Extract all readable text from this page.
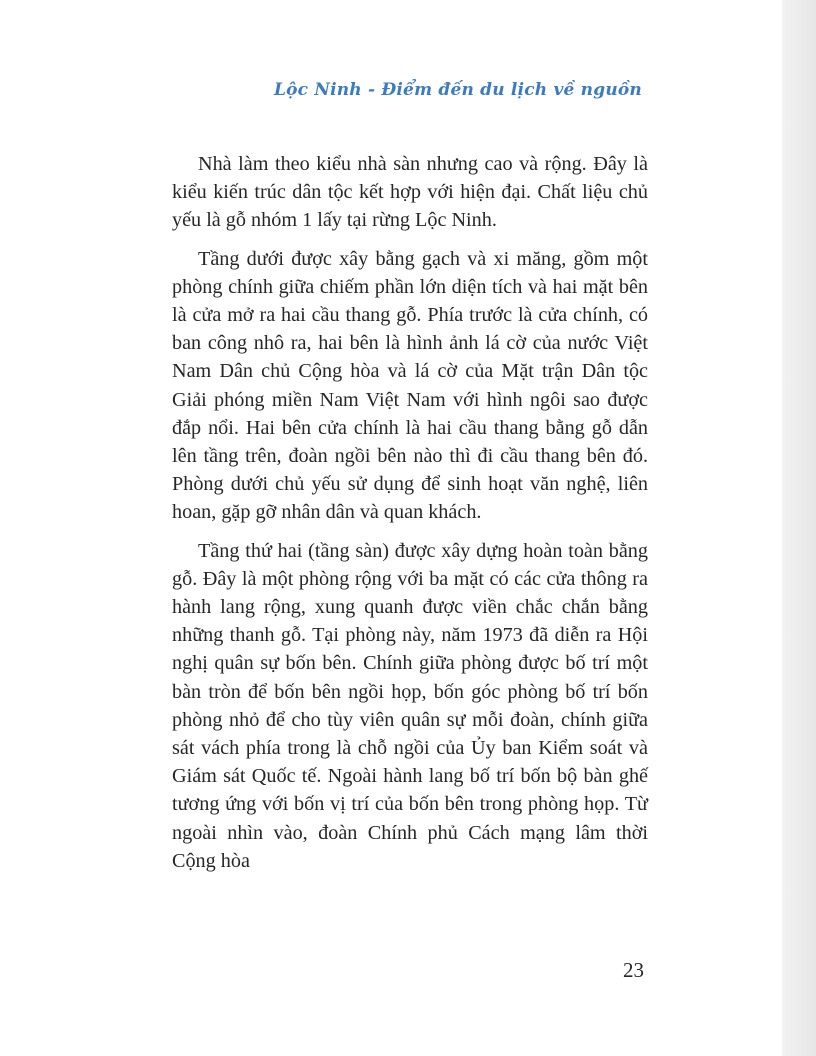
Lộc Ninh - Điểm đến du lịch về nguồn

Nhà làm theo kiểu nhà sàn nhưng cao và rộng. Đây là kiểu kiến trúc dân tộc kết hợp với hiện đại. Chất liệu chủ yếu là gỗ nhóm 1 lấy tại rừng Lộc Ninh.

Tầng dưới được xây bằng gạch và xi măng, gồm một phòng chính giữa chiếm phần lớn diện tích và hai mặt bên là cửa mở ra hai cầu thang gỗ. Phía trước là cửa chính, có ban công nhô ra, hai bên là hình ảnh lá cờ của nước Việt Nam Dân chủ Cộng hòa và lá cờ của Mặt trận Dân tộc Giải phóng miền Nam Việt Nam với hình ngôi sao được đắp nổi. Hai bên cửa chính là hai cầu thang bằng gỗ dẫn lên tầng trên, đoàn ngồi bên nào thì đi cầu thang bên đó. Phòng dưới chủ yếu sử dụng để sinh hoạt văn nghệ, liên hoan, gặp gỡ nhân dân và quan khách.

Tầng thứ hai (tầng sàn) được xây dựng hoàn toàn bằng gỗ. Đây là một phòng rộng với ba mặt có các cửa thông ra hành lang rộng, xung quanh được viền chắc chắn bằng những thanh gỗ. Tại phòng này, năm 1973 đã diễn ra Hội nghị quân sự bốn bên. Chính giữa phòng được bố trí một bàn tròn để bốn bên ngồi họp, bốn góc phòng bố trí bốn phòng nhỏ để cho tùy viên quân sự mỗi đoàn, chính giữa sát vách phía trong là chỗ ngồi của Ủy ban Kiểm soát và Giám sát Quốc tế. Ngoài hành lang bố trí bốn bộ bàn ghế tương ứng với bốn vị trí của bốn bên trong phòng họp. Từ ngoài nhìn vào, đoàn Chính phủ Cách mạng lâm thời Cộng hòa

23
